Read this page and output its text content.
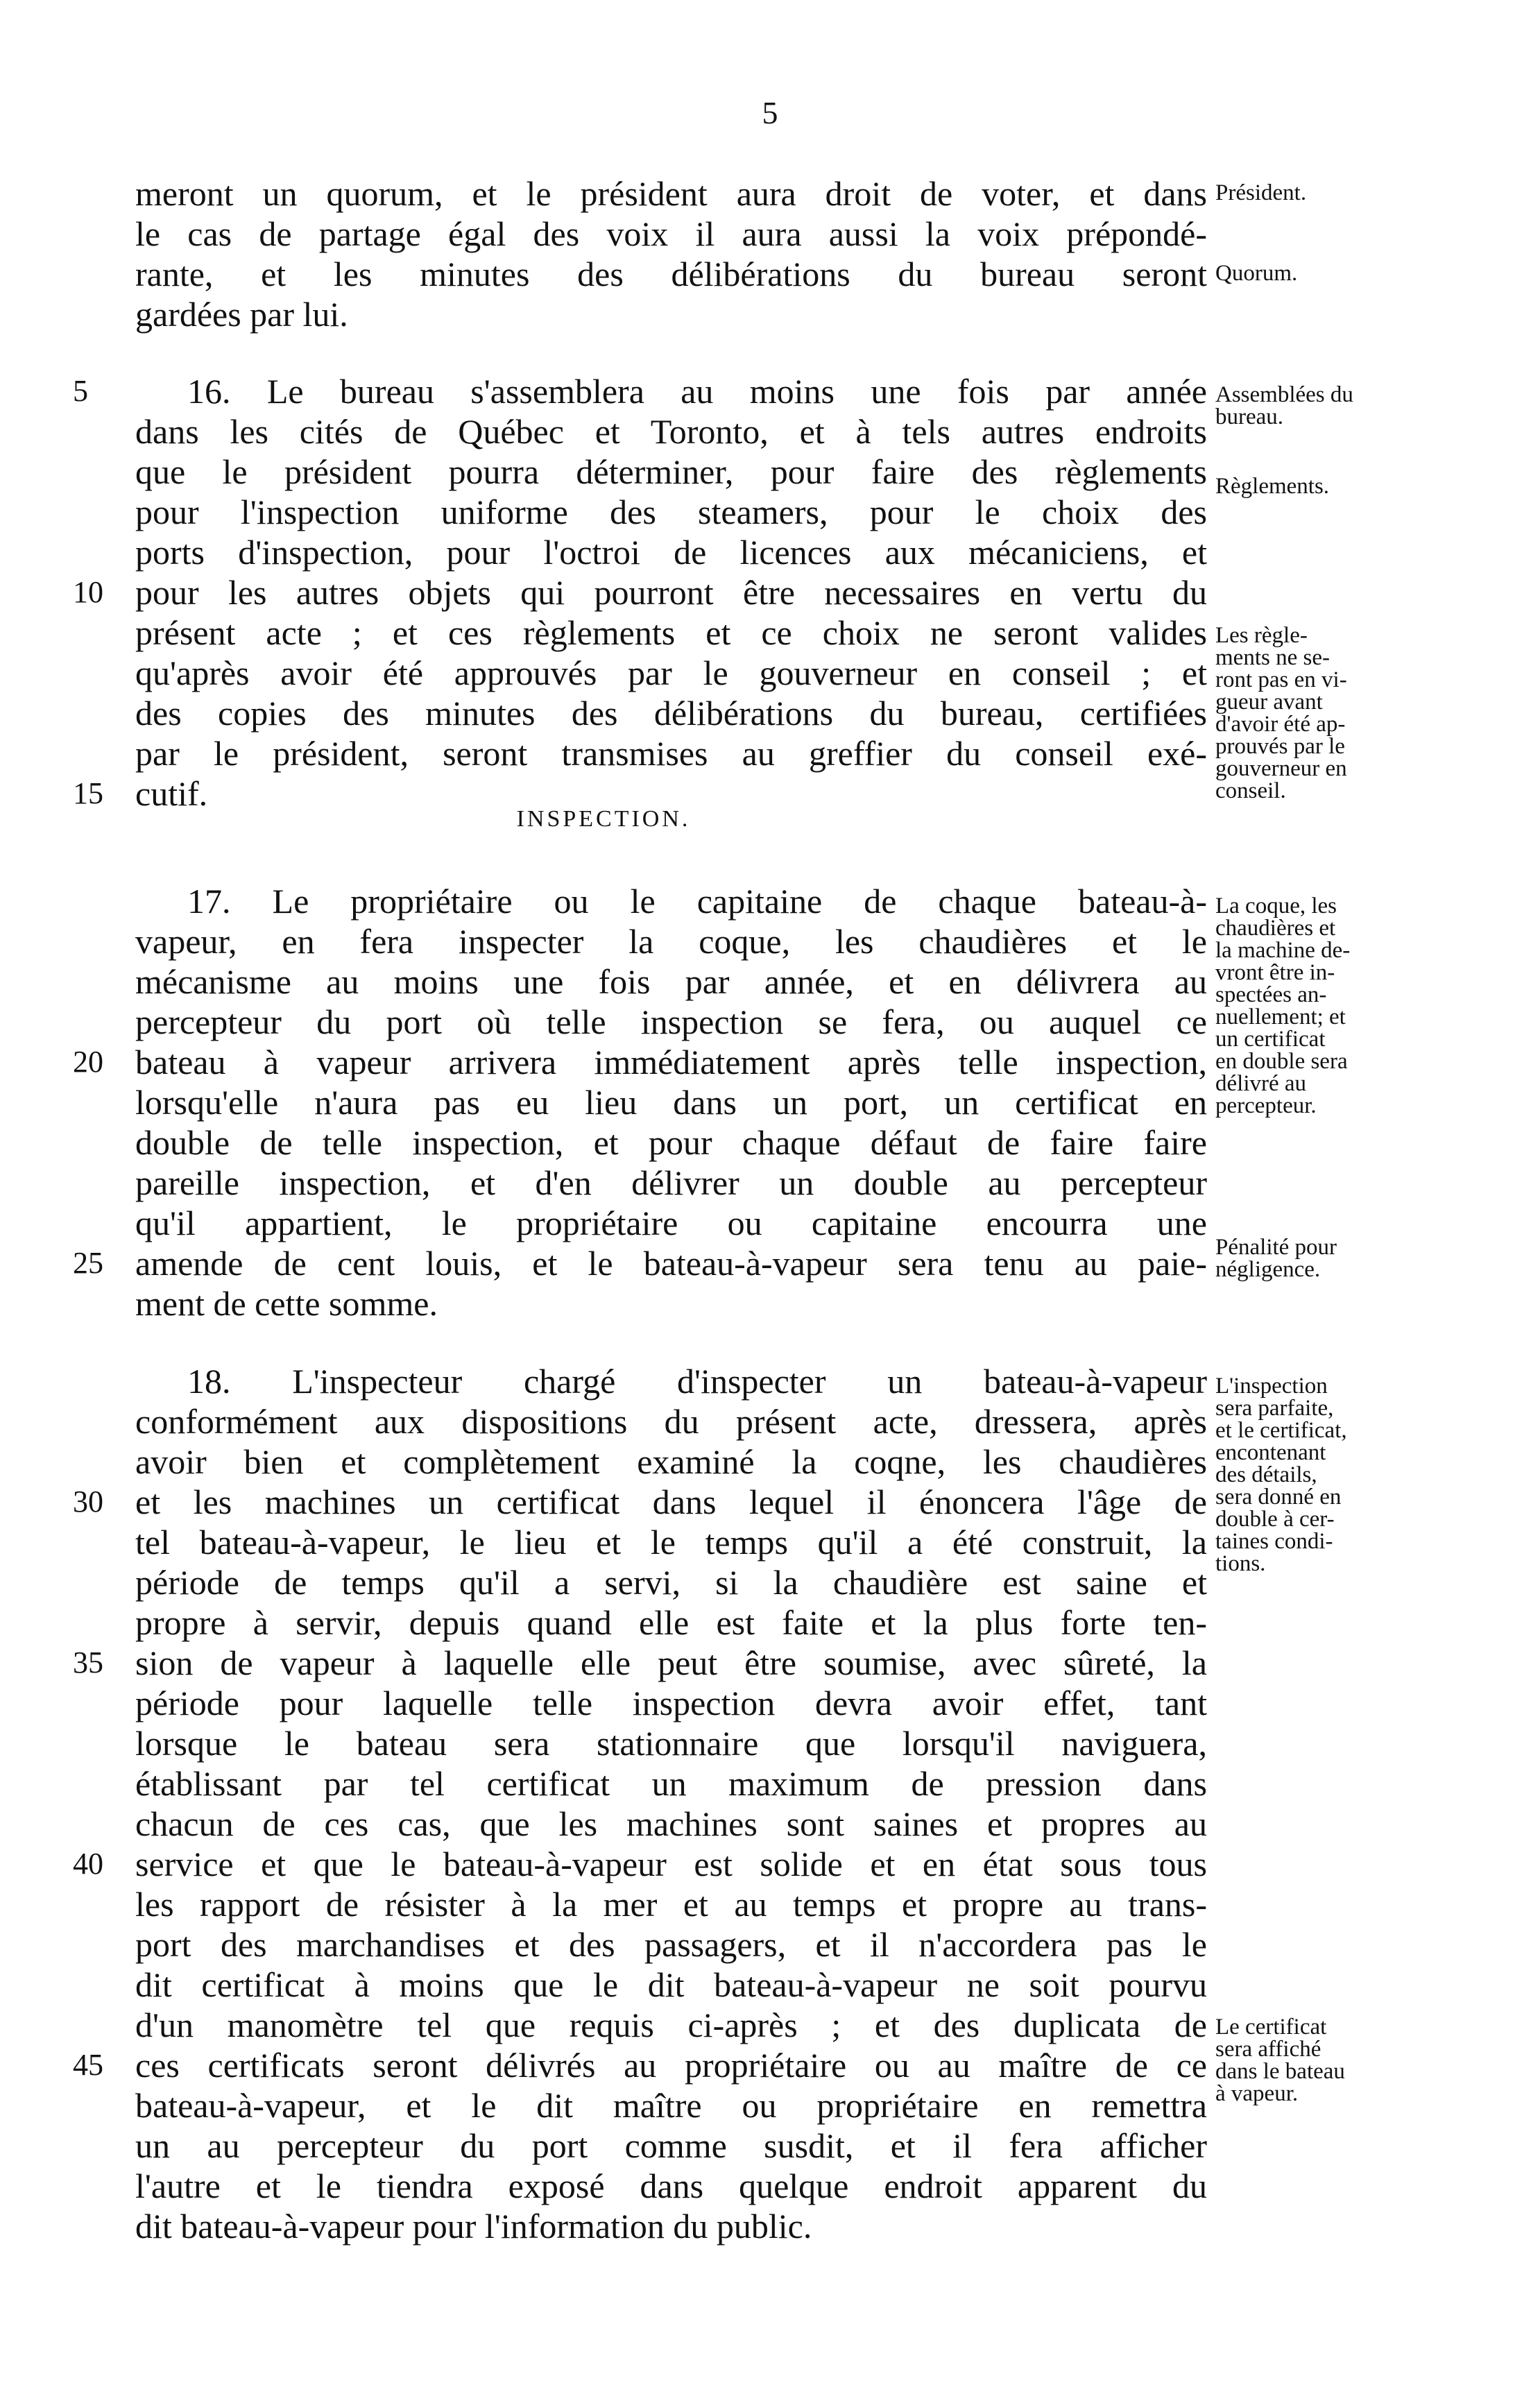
5
meront un quorum, et le président aura droit de voter, et dans
le cas de partage égal des voix il aura aussi la voix prépondé-
rante, et les minutes des délibérations du bureau seront
gardées par lui.
16. Le bureau s'assemblera au moins une fois par année
dans les cités de Québec et Toronto, et à tels autres endroits
que le président pourra déterminer, pour faire des règlements
pour l'inspection uniforme des steamers, pour le choix des
ports d'inspection, pour l'octroi de licences aux mécaniciens, et
pour les autres objets qui pourront être necessaires en vertu du
présent acte ; et ces règlements et ce choix ne seront valides
qu'après avoir été approuvés par le gouverneur en conseil ; et
des copies des minutes des délibérations du bureau, certifiées
par le président, seront transmises au greffier du conseil exé-
cutif.
17. Le propriétaire ou le capitaine de chaque bateau-à-
vapeur, en fera inspecter la coque, les chaudières et le
mécanisme au moins une fois par année, et en délivrera au
percepteur du port où telle inspection se fera, ou auquel ce
bateau à vapeur arrivera immédiatement après telle inspection,
lorsqu'elle n'aura pas eu lieu dans un port, un certificat en
double de telle inspection, et pour chaque défaut de faire faire
pareille inspection, et d'en délivrer un double au percepteur
qu'il appartient, le propriétaire ou capitaine encourra une
amende de cent louis, et le bateau-à-vapeur sera tenu au paie-
ment de cette somme.
18. L'inspecteur chargé d'inspecter un bateau-à-vapeur
conformément aux dispositions du présent acte, dressera, après
avoir bien et complètement examiné la coqne, les chaudières
et les machines un certificat dans lequel il énoncera l'âge de
tel bateau-à-vapeur, le lieu et le temps qu'il a été construit, la
période de temps qu'il a servi, si la chaudière est saine et
propre à servir, depuis quand elle est faite et la plus forte ten-
sion de vapeur à laquelle elle peut être soumise, avec sûreté, la
période pour laquelle telle inspection devra avoir effet, tant
lorsque le bateau sera stationnaire que lorsqu'il naviguera,
établissant par tel certificat un maximum de pression dans
chacun de ces cas, que les machines sont saines et propres au
service et que le bateau-à-vapeur est solide et en état sous tous
les rapport de résister à la mer et au temps et propre au trans-
port des marchandises et des passagers, et il n'accordera pas le
dit certificat à moins que le dit bateau-à-vapeur ne soit pourvu
d'un manomètre tel que requis ci-après ; et des duplicata de
ces certificats seront délivrés au propriétaire ou au maître de ce
bateau-à-vapeur, et le dit maître ou propriétaire en remettra
un au percepteur du port comme susdit, et il fera afficher
l'autre et le tiendra exposé dans quelque endroit apparent du
dit bateau-à-vapeur pour l'information du public.
5
10
15
20
25
30
35
40
45
INSPECTION.
Président.
Quorum.
Assemblées du
bureau.
Règlements.
Les règle-
ments ne se-
ront pas en vi-
gueur avant
d'avoir été ap-
prouvés par le
gouverneur en
conseil.
La coque, les
chaudières et
la machine de-
vront être in-
spectées an-
nuellement; et
un certificat
en double sera
délivré au
percepteur.
Pénalité pour
négligence.
L'inspection
sera parfaite,
et le certificat,
encontenant
des détails,
sera donné en
double à cer-
taines condi-
tions.
Le certificat
sera affiché
dans le bateau
à vapeur.
